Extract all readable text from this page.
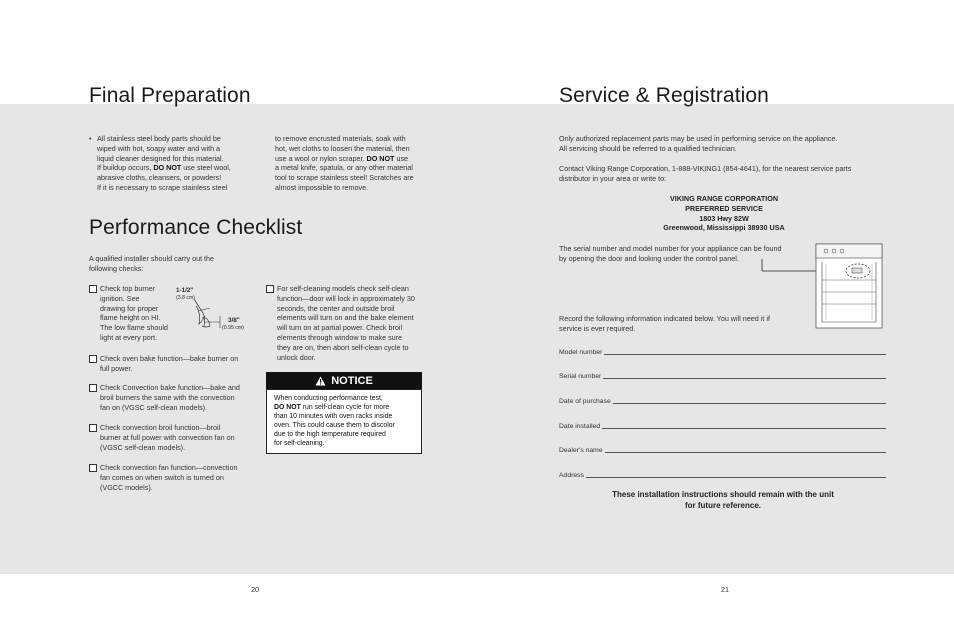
Final Preparation
• All stainless steel body parts should be

wiped with hot, soapy water and with a

liquid cleaner designed for this material.

If buildup occurs, DO NOT use steel wool,

abrasive cloths, cleansers, or powders!

If it is necessary to scrape stainless steel

to remove encrusted materials, soak with

hot, wet cloths to loosen the material, then

use a wool or nylon scraper. DO NOT use

a metal knife, spatula, or any other material

tool to scrape stainless steel! Scratches are

almost impossible to remove.

Performance Checklist

A qualified installer should carry out the

following checks:

Check top burner

ignition. See

drawing for proper

flame height on HI.

The low flame should

light at every port.

1-1/2"
(3.8 cm)
3/8"
(0.95 cm)

Check oven bake function—bake burner on

full power.

Check Convection bake function—bake and

broil burners the same with the convection

fan on (VGSC self-clean models).

Check convection broil function—broil

burner at full power with convection fan on

(VGSC self-clean models).

Check convection fan function—convection

fan comes on when switch is turned on

(VGCC models).

For self-cleaning models check self-clean

function—door will lock in approximately 30

seconds, the center and outside broil

elements will turn on and the bake element

will turn on at partial power. Check broil

elements through window to make sure

they are on, then abort self-clean cycle to

unlock door.

NOTICE

When conducting performance test,

DO NOT run self-clean cycle for more

than 10 minutes with oven racks inside

oven. This could cause them to discolor

due to the high temperature required

for self-cleaning.

20
Service & Registration

Only authorized replacement parts may be used in performing service on the appliance.

All servicing should be referred to a qualified technician.

Contact Viking Range Corporation, 1-888-VIKING1 (854-4641), for the nearest service parts

distributor in your area or write to:

VIKING RANGE CORPORATION

PREFERRED SERVICE

1803 Hwy 82W

Greenwood, Mississippi 38930 USA

The serial number and model number for your appliance can be found

by opening the door and looking under the control panel.

Record the following information indicated below. You will need it if

service is ever required.

Model number
Serial number
Date of purchase
Date installed
Dealer's name
Address

These installation instructions should remain with the unit

for future reference.

21
